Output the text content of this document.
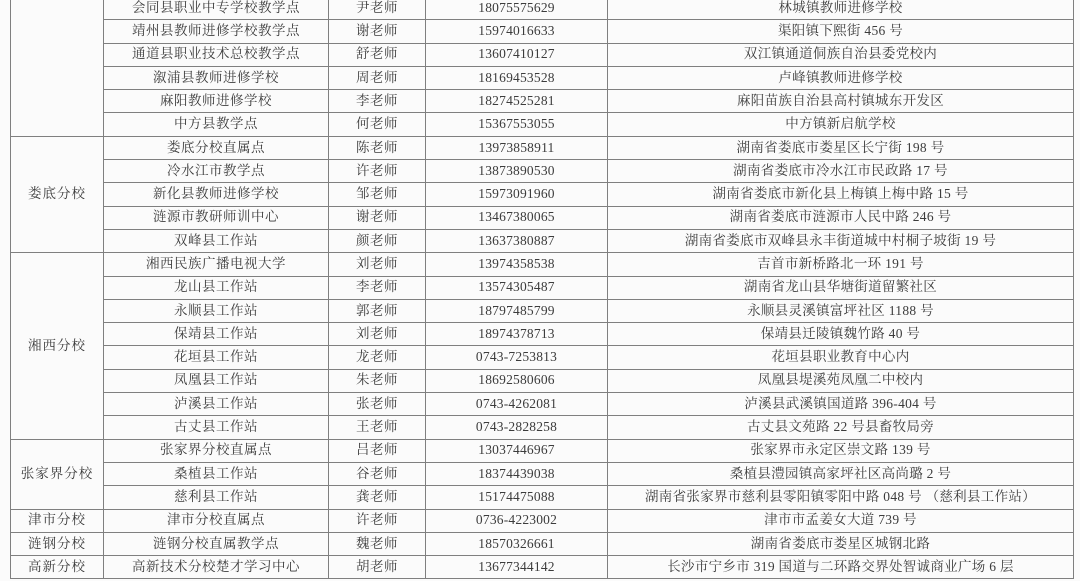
	会同县职业中专学校教学点	尹老师	18075575629	林城镇教师进修学校
	靖州县教师进修学校教学点	谢老师	15974016633	渠阳镇下熙街 456 号
	通道县职业技术总校教学点	舒老师	13607410127	双江镇通道侗族自治县委党校内
	溆浦县教师进修学校	周老师	18169453528	卢峰镇教师进修学校
	麻阳教师进修学校	李老师	18274525281	麻阳苗族自治县高村镇城东开发区
	中方县教学点	何老师	15367553055	中方镇新启航学校
娄底分校	娄底分校直属点	陈老师	13973858911	湖南省娄底市娄星区长宁街 198 号
	冷水江市教学点	许老师	13873890530	湖南省娄底市冷水江市民政路 17 号
	新化县教师进修学校	邹老师	15973091960	湖南省娄底市新化县上梅镇上梅中路 15 号
	涟源市教研师训中心	谢老师	13467380065	湖南省娄底市涟源市人民中路 246 号
	双峰县工作站	颜老师	13637380887	湖南省娄底市双峰县永丰街道城中村桐子坡街 19 号
湘西分校	湘西民族广播电视大学	刘老师	13974358538	吉首市新桥路北一环 191 号
	龙山县工作站	李老师	13574305487	湖南省龙山县华塘街道留繁社区
	永顺县工作站	郭老师	18797485799	永顺县灵溪镇富坪社区 1188 号
	保靖县工作站	刘老师	18974378713	保靖县迁陵镇魏竹路 40 号
	花垣县工作站	龙老师	0743-7253813	花垣县职业教育中心内
	凤凰县工作站	朱老师	18692580606	凤凰县堤溪苑凤凰二中校内
	泸溪县工作站	张老师	0743-4262081	泸溪县武溪镇国道路 396-404 号
	古丈县工作站	王老师	0743-2828258	古丈县文苑路 22 号县畜牧局旁
张家界分校	张家界分校直属点	吕老师	13037446967	张家界市永定区崇文路 139 号
	桑植县工作站	谷老师	18374439038	桑植县澧园镇高家坪社区高尚璐 2 号
	慈利县工作站	龚老师	15174475088	湖南省张家界市慈利县零阳镇零阳中路 048 号 （慈利县工作站）
津市分校	津市分校直属点	许老师	0736-4223002	津市市孟姜女大道 739 号
涟钢分校	涟钢分校直属教学点	魏老师	18570326661	湖南省娄底市娄星区城钢北路
高新分校	高新技术分校楚才学习中心	胡老师	13677344142	长沙市宁乡市 319 国道与二环路交界处智诚商业广场 6 层
